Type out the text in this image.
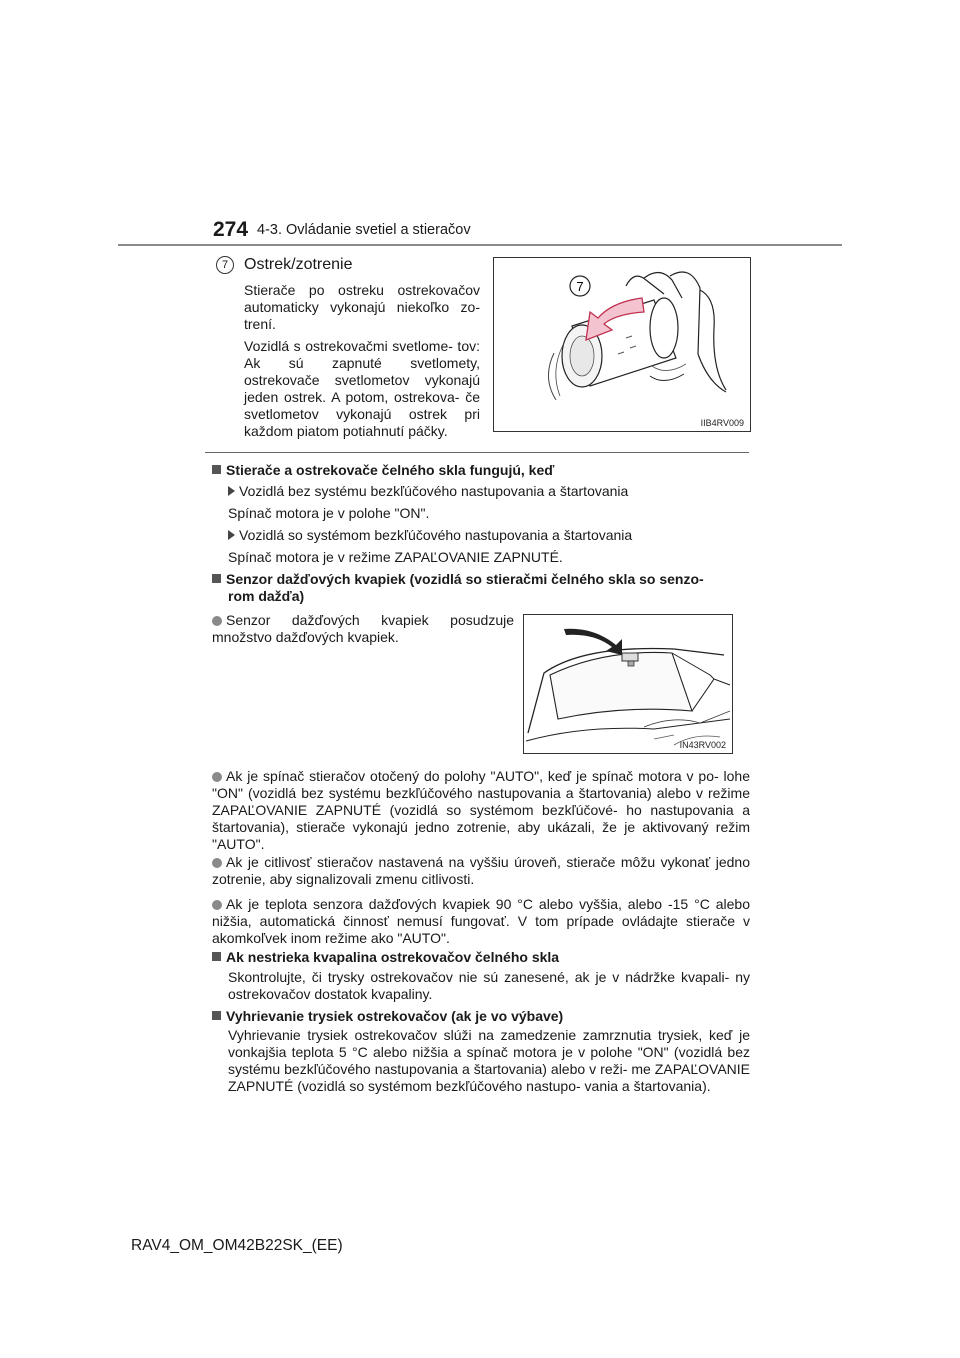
274 4-3. Ovládanie svetiel a stieračov
7 Ostrek/zotrenie
Stierače po ostreku ostrekovačov automaticky vykonajú niekoľko zo- trení.
Vozidlá s ostrekovačmi svetlome- tov: Ak sú zapnuté svetlomety, ostrekovače svetlometov vykonajú jeden ostrek. A potom, ostrekova- če svetlometov vykonajú ostrek pri každom piatom potiahnutí páčky.
7
IIB4RV009
Stierače a ostrekovače čelného skla fungujú, keď
Vozidlá bez systému bezkľúčového nastupovania a štartovania
Spínač motora je v polohe "ON".
Vozidlá so systémom bezkľúčového nastupovania a štartovania
Spínač motora je v režime ZAPAĽOVANIE ZAPNUTÉ.
Senzor dažďových kvapiek (vozidlá so stieračmi čelného skla so senzo-
rom dažďa)
Senzor dažďových kvapiek posudzuje množstvo dažďových kvapiek.
IN43RV002
Ak je spínač stieračov otočený do polohy "AUTO", keď je spínač motora v po- lohe "ON" (vozidlá bez systému bezkľúčového nastupovania a štartovania) alebo v režime ZAPAĽOVANIE ZAPNUTÉ (vozidlá so systémom bezkľúčové- ho nastupovania a štartovania), stierače vykonajú jedno zotrenie, aby ukázali, že je aktivovaný režim "AUTO".
Ak je citlivosť stieračov nastavená na vyššiu úroveň, stierače môžu vykonať jedno zotrenie, aby signalizovali zmenu citlivosti.
Ak je teplota senzora dažďových kvapiek 90 °C alebo vyššia, alebo -15 °C alebo nižšia, automatická činnosť nemusí fungovať. V tom prípade ovládajte stierače v akomkoľvek inom režime ako "AUTO".
Ak nestrieka kvapalina ostrekovačov čelného skla
Skontrolujte, či trysky ostrekovačov nie sú zanesené, ak je v nádržke kvapali- ny ostrekovačov dostatok kvapaliny.
Vyhrievanie trysiek ostrekovačov (ak je vo výbave)
Vyhrievanie trysiek ostrekovačov slúži na zamedzenie zamrznutia trysiek, keď je vonkajšia teplota 5 °C alebo nižšia a spínač motora je v polohe "ON" (vozidlá bez systému bezkľúčového nastupovania a štartovania) alebo v reži- me ZAPAĽOVANIE ZAPNUTÉ (vozidlá so systémom bezkľúčového nastupo- vania a štartovania).
RAV4_OM_OM42B22SK_(EE)
